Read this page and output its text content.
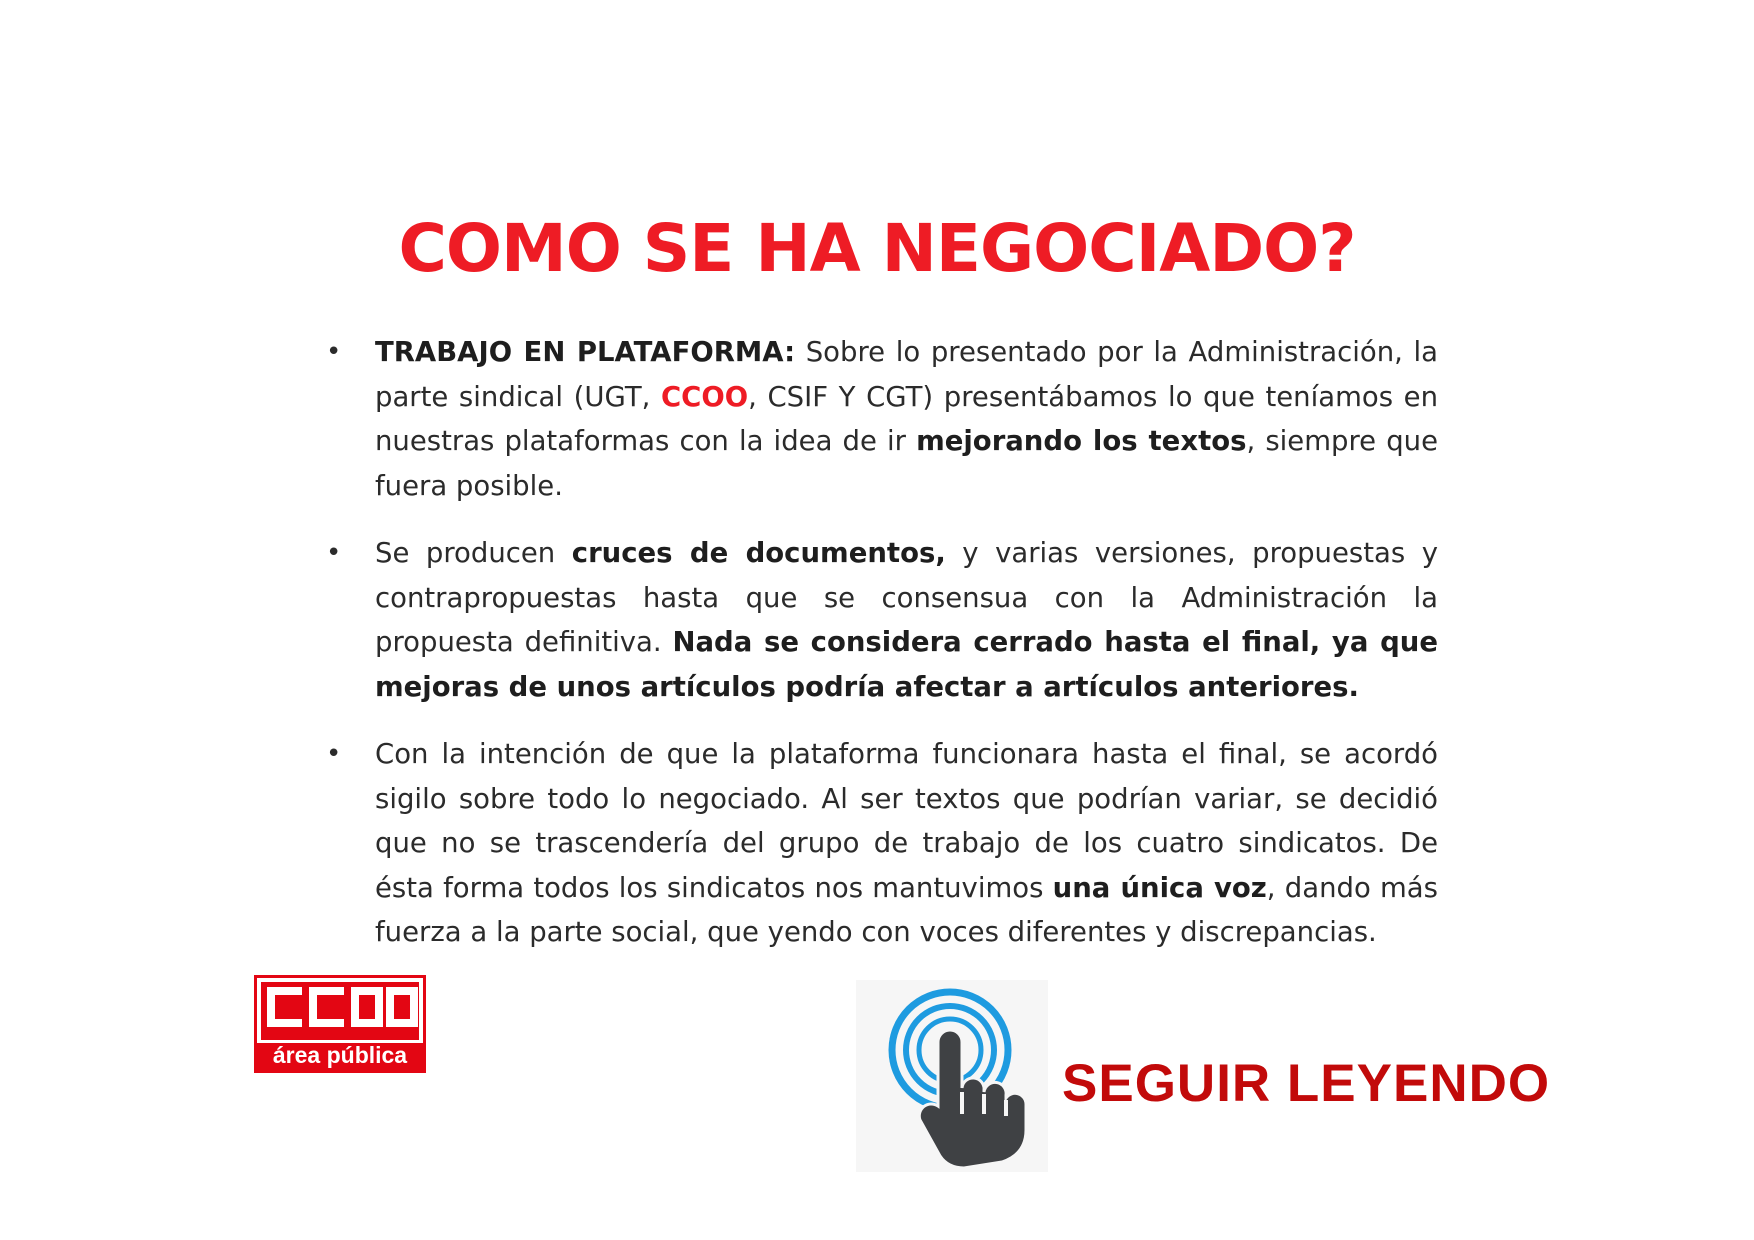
COMO SE HA NEGOCIADO?
• TRABAJO EN PLATAFORMA: Sobre lo presentado por la Administración, la parte sindical (UGT, CCOO, CSIF Y CGT) presentábamos lo que teníamos en nuestras plataformas con la idea de ir mejorando los textos, siempre que fuera posible.
• Se producen cruces de documentos, y varias versiones, propuestas y contrapropuestas hasta que se consensua con la Administración la propuesta definitiva. Nada se considera cerrado hasta el final, ya que mejoras de unos artículos podría afectar a artículos anteriores.
• Con la intención de que la plataforma funcionara hasta el final, se acordó sigilo sobre todo lo negociado. Al ser textos que podrían variar, se decidió que no se trascendería del grupo de trabajo de los cuatro sindicatos. De ésta forma todos los sindicatos nos mantuvimos una única voz, dando más fuerza a la parte social, que yendo con voces diferentes y discrepancias.
área pública	SEGUIR LEYENDO
